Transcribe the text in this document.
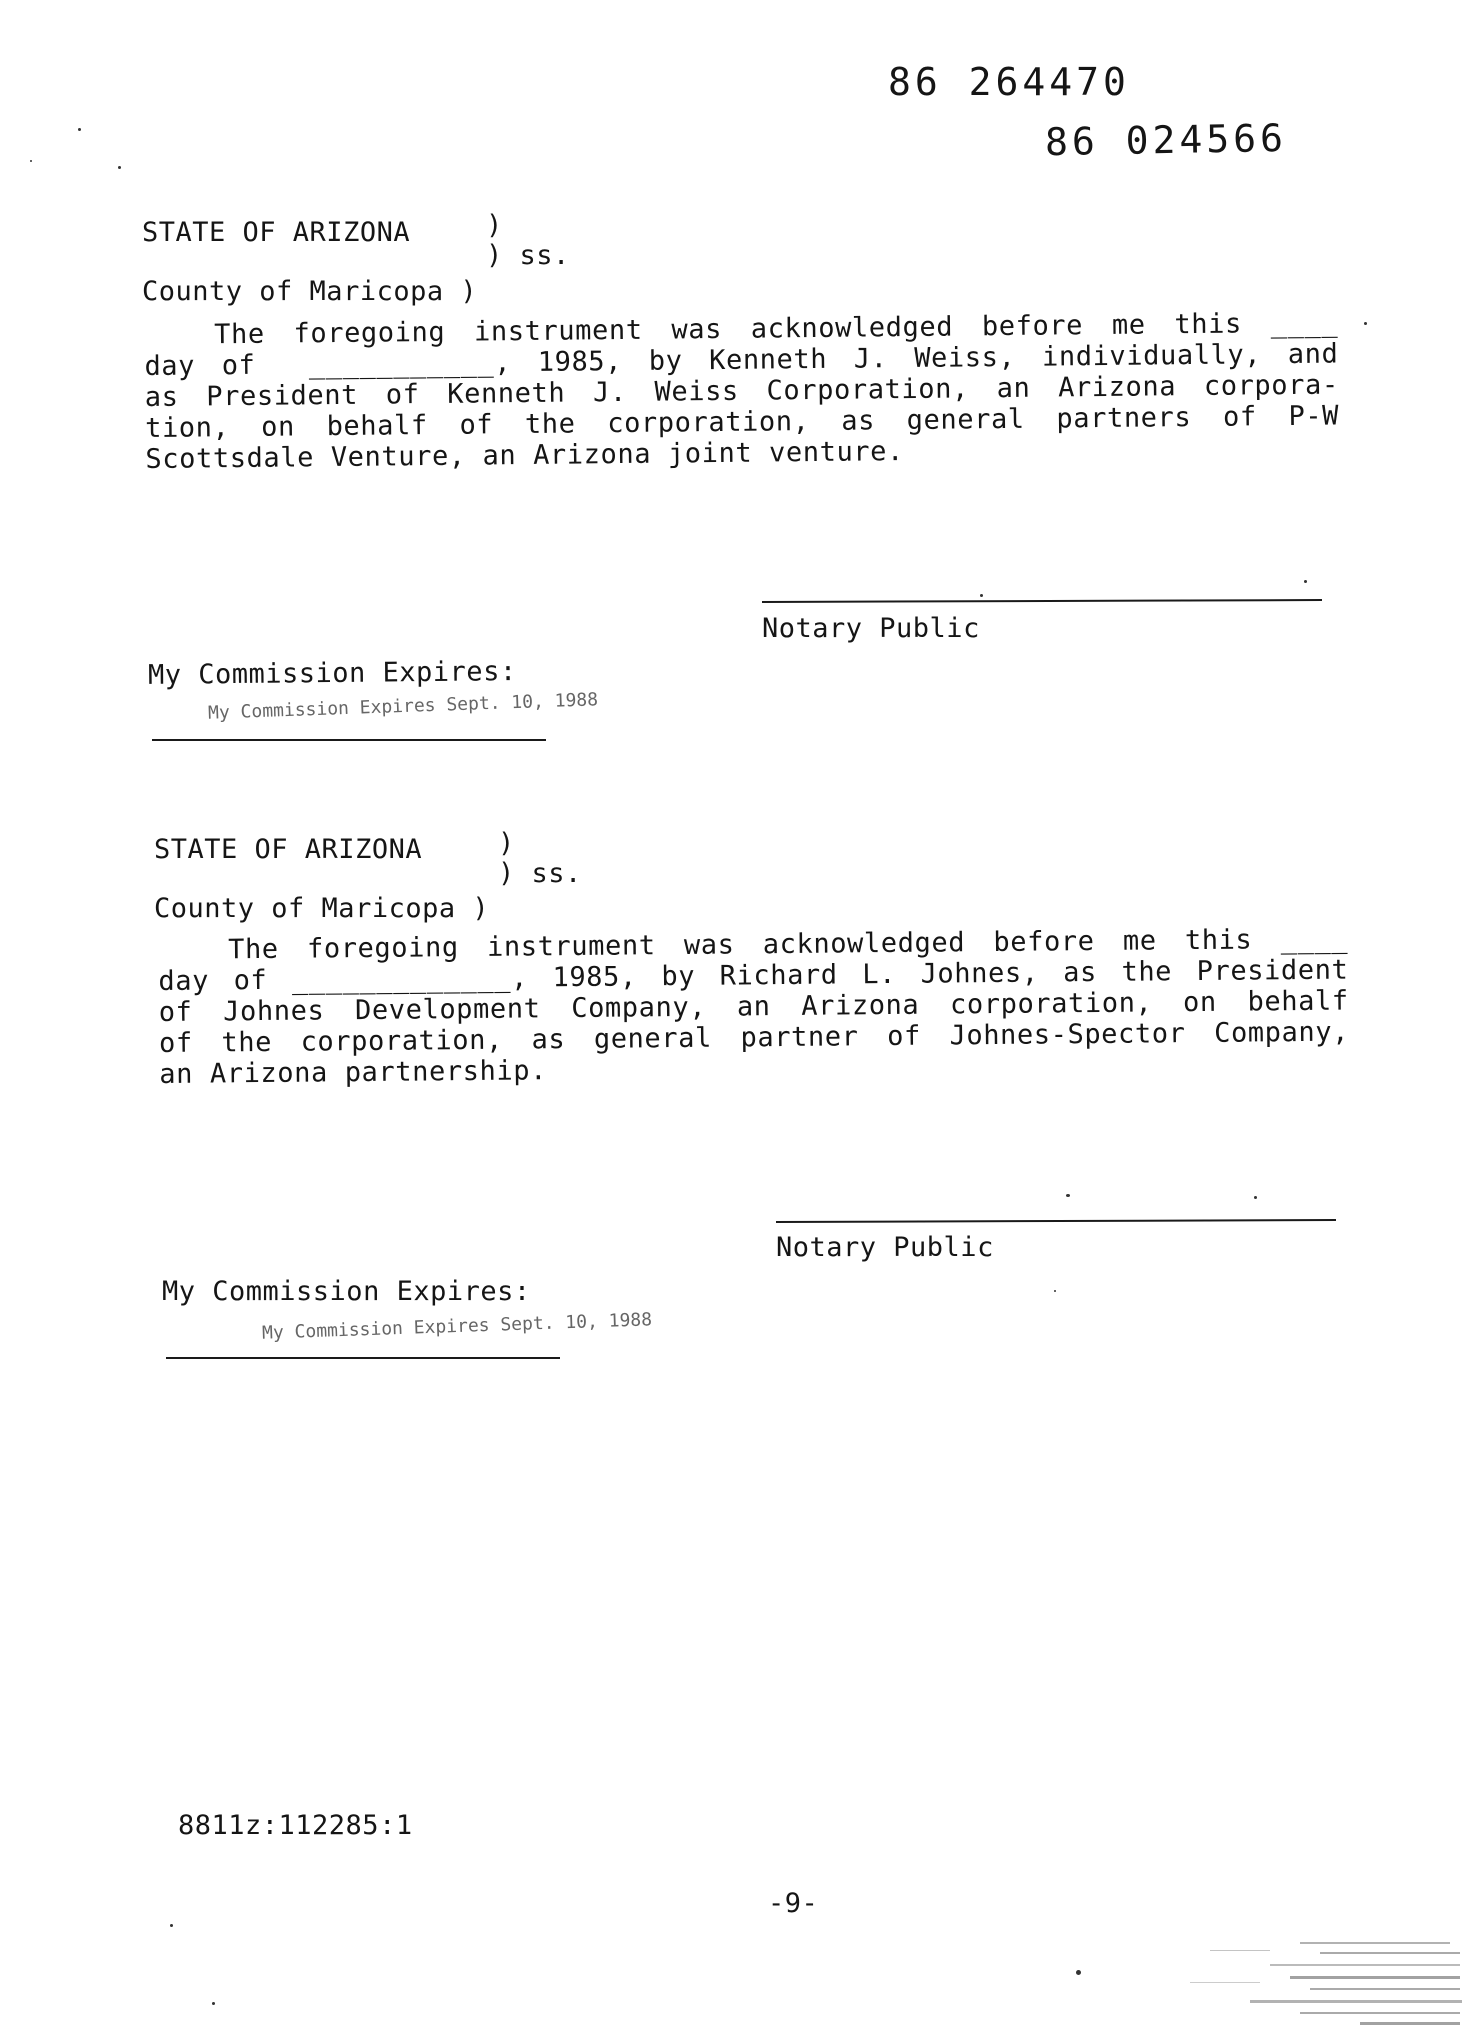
86 264470
86 024566
STATE OF ARIZONA	)
) ss.
County of Maricopa )
The foregoing instrument was acknowledged before me this ____
day of  ___________, 1985, by Kenneth J. Weiss, individually, and
as President of Kenneth J. Weiss Corporation, an Arizona corpora-
tion, on behalf of the corporation, as general partners of P-W
Scottsdale Venture, an Arizona joint venture.
Notary Public
My Commission Expires:
My Commission Expires Sept. 10, 1988
STATE OF ARIZONA	)
) ss.
County of Maricopa )
The foregoing instrument was acknowledged before me this ____
day of _____________, 1985, by Richard L. Johnes, as the President
of Johnes Development Company, an Arizona corporation, on behalf
of the corporation, as general partner of Johnes-Spector Company,
an Arizona partnership.
Notary Public
My Commission Expires:
My Commission Expires Sept. 10, 1988
8811z:112285:1
-9-
